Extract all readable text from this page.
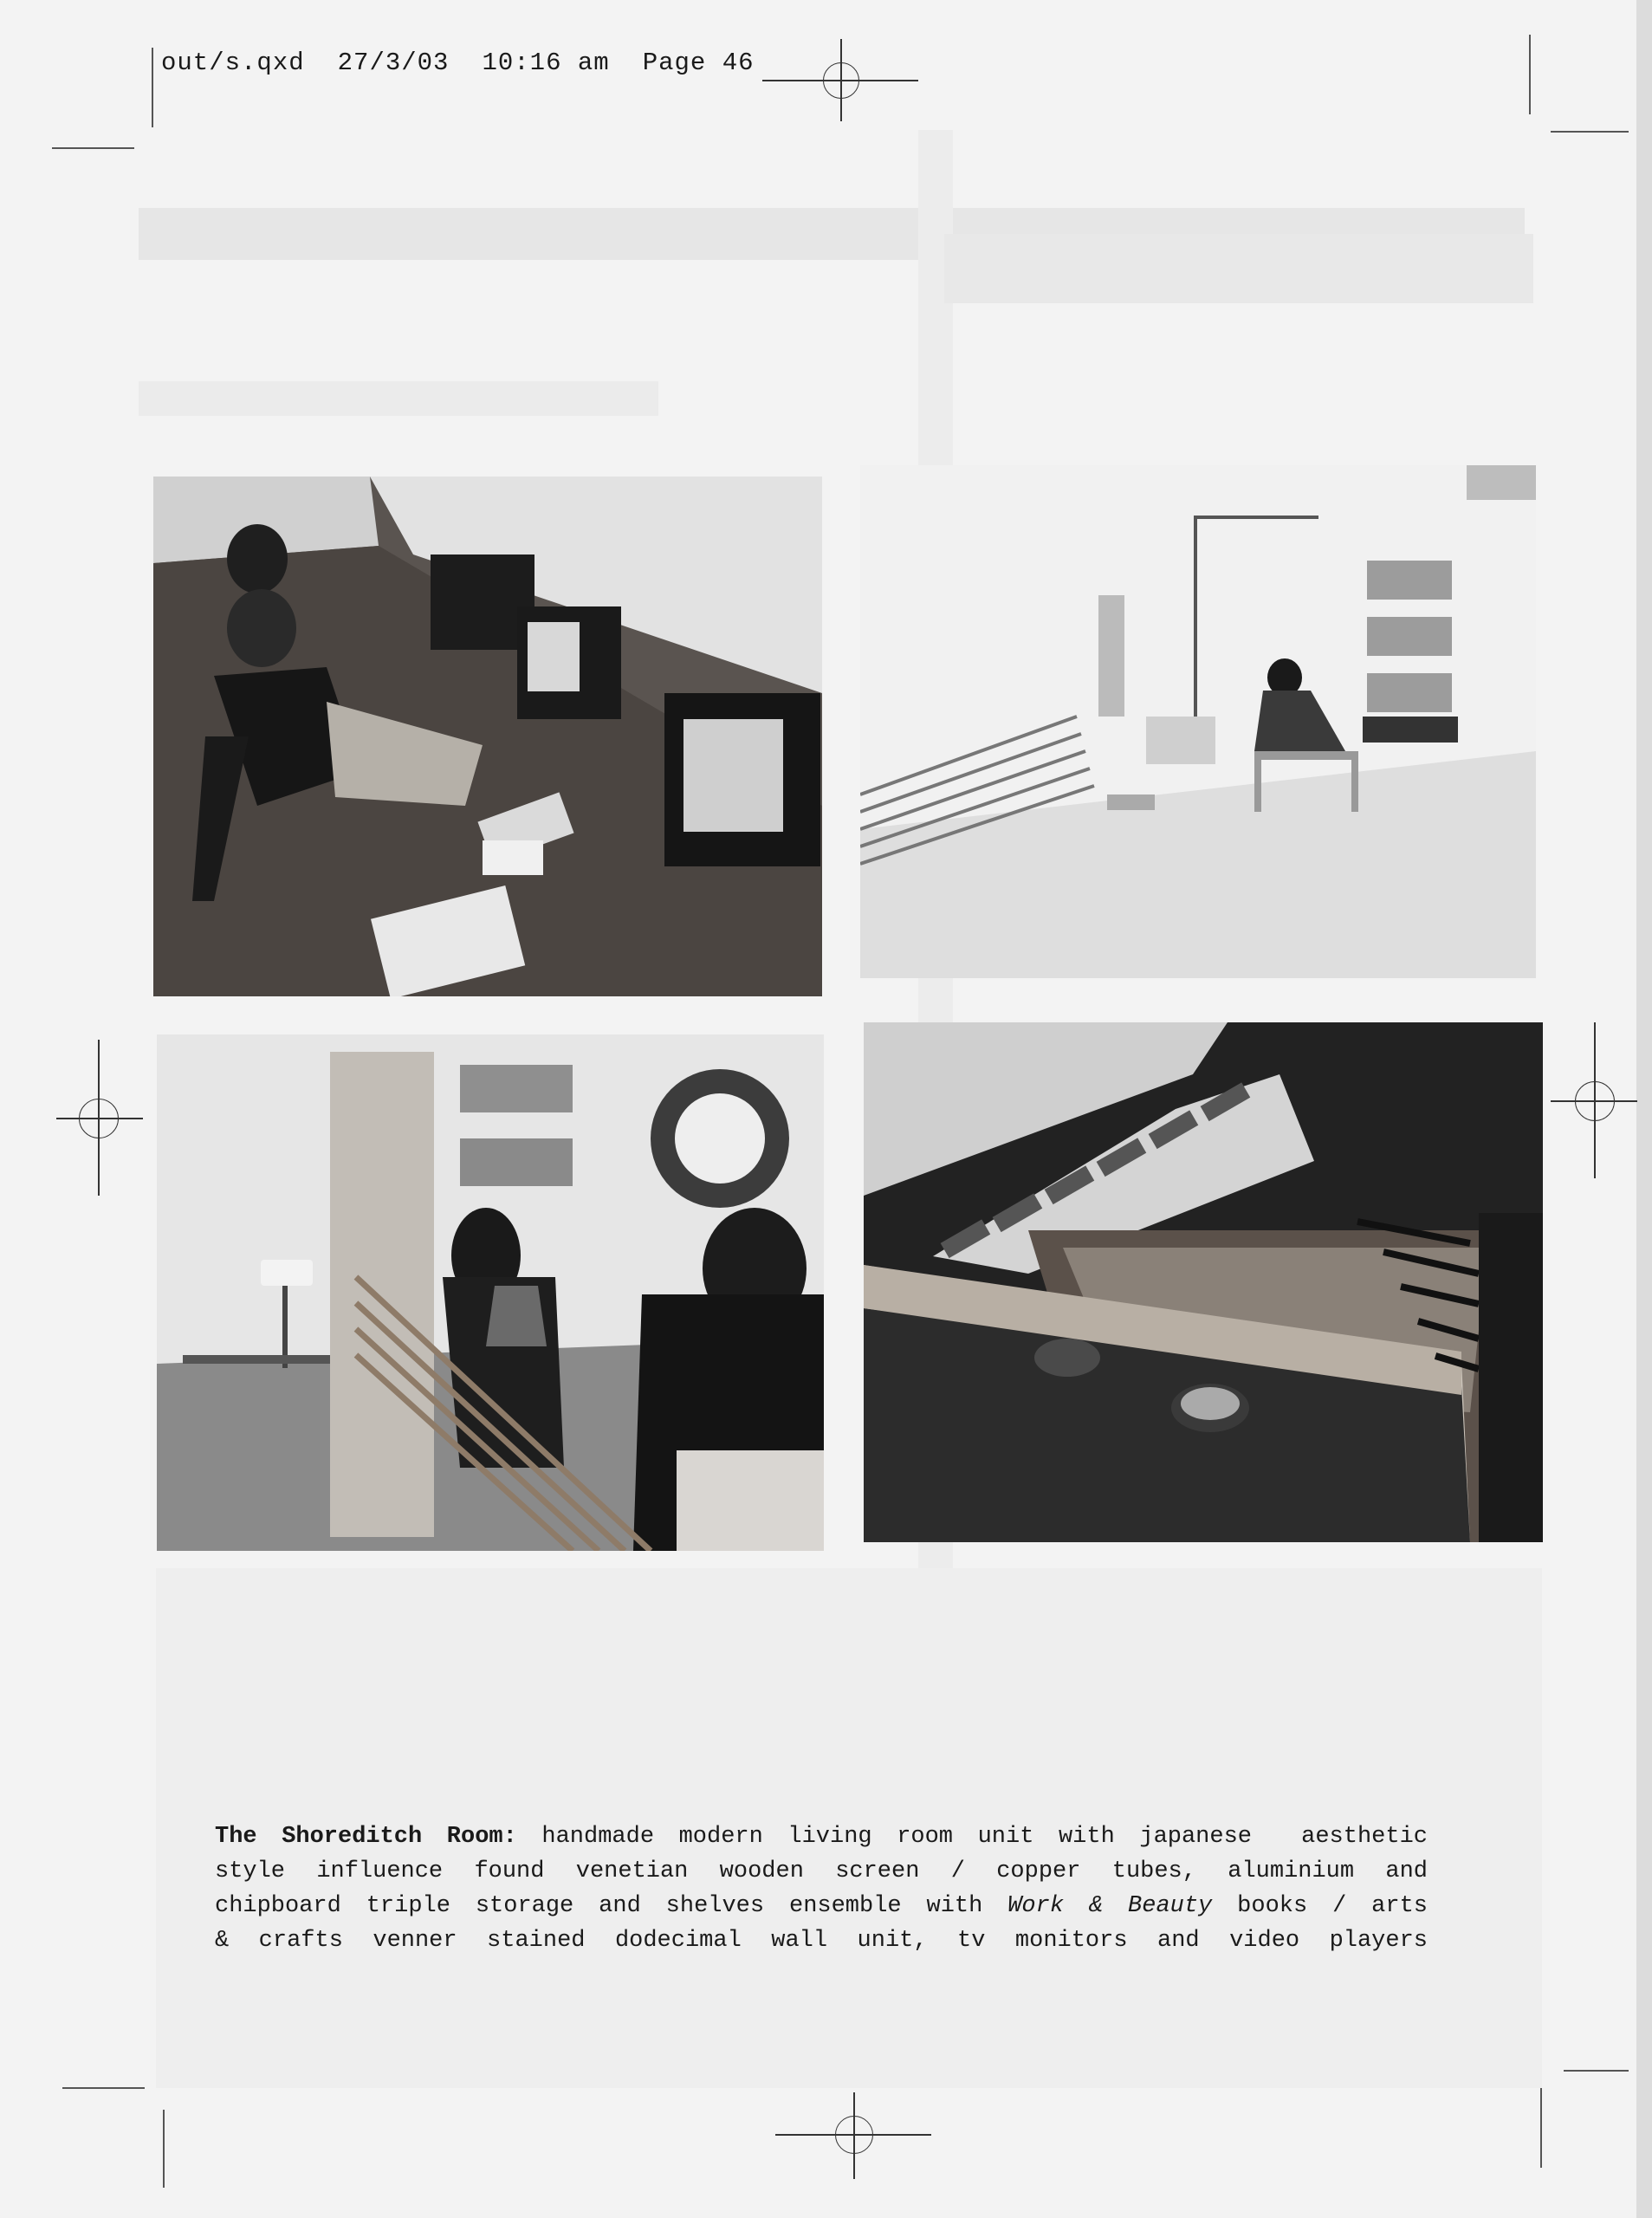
out/s.qxd 27/3/03 10:16 am Page 46
The Shoreditch Room: handmade modern living room unit with japanese  aesthetic
style influence found venetian wooden screen / copper tubes, aluminium and
chipboard triple storage and shelves ensemble with Work & Beauty books / arts
& crafts venner stained dodecimal wall unit, tv monitors and video players
